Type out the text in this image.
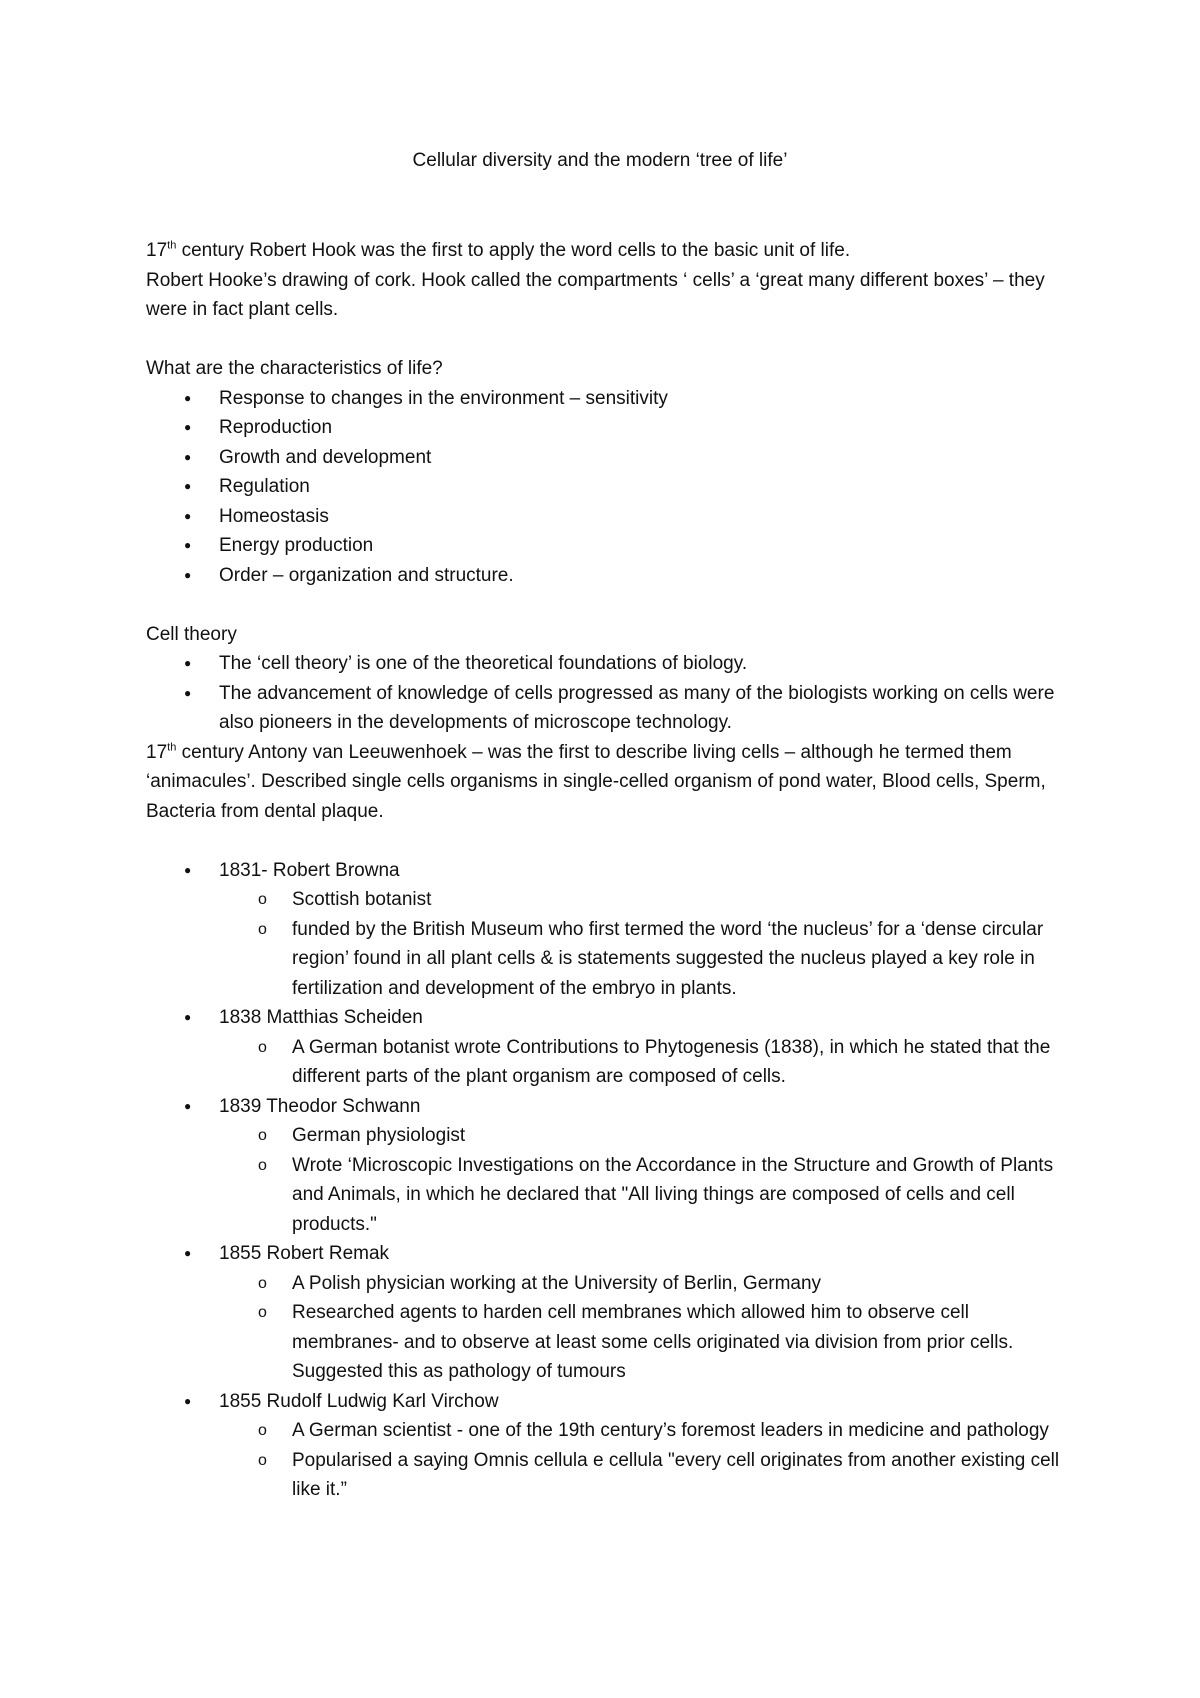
Cellular diversity and the modern ‘tree of life’

17th century Robert Hook was the first to apply the word cells to the basic unit of life.

Robert Hooke’s drawing of cork. Hook called the compartments ‘ cells’ a ‘great many different boxes’ – they were in fact plant cells.

What are the characteristics of life?

● Response to changes in the environment – sensitivity
● Reproduction
● Growth and development
● Regulation
● Homeostasis
● Energy production
● Order – organization and structure.

Cell theory

● The ‘cell theory’ is one of the theoretical foundations of biology.
● The advancement of knowledge of cells progressed as many of the biologists working on cells were also pioneers in the developments of microscope technology.

17th century Antony van Leeuwenhoek – was the first to describe living cells – although he termed them ‘animacules’. Described single cells organisms in single-celled organism of pond water, Blood cells, Sperm, Bacteria from dental plaque.

● 1831- Robert Browna
o Scottish botanist
o funded by the British Museum who first termed the word ‘the nucleus’ for a ‘dense circular region’ found in all plant cells & is statements suggested the nucleus played a key role in fertilization and development of the embryo in plants.
● 1838 Matthias Scheiden
o A German botanist wrote Contributions to Phytogenesis (1838), in which he stated that the different parts of the plant organism are composed of cells.
● 1839 Theodor Schwann
o German physiologist
o Wrote ‘Microscopic Investigations on the Accordance in the Structure and Growth of Plants and Animals, in which he declared that "All living things are composed of cells and cell products."
● 1855 Robert Remak
o A Polish physician working at the University of Berlin, Germany
o Researched agents to harden cell membranes which allowed him to observe cell membranes- and to observe at least some cells originated via division from prior cells. Suggested this as pathology of tumours
● 1855 Rudolf Ludwig Karl Virchow
o A German scientist - one of the 19th century’s foremost leaders in medicine and pathology
o Popularised a saying Omnis cellula e cellula "every cell originates from another existing cell like it.”
